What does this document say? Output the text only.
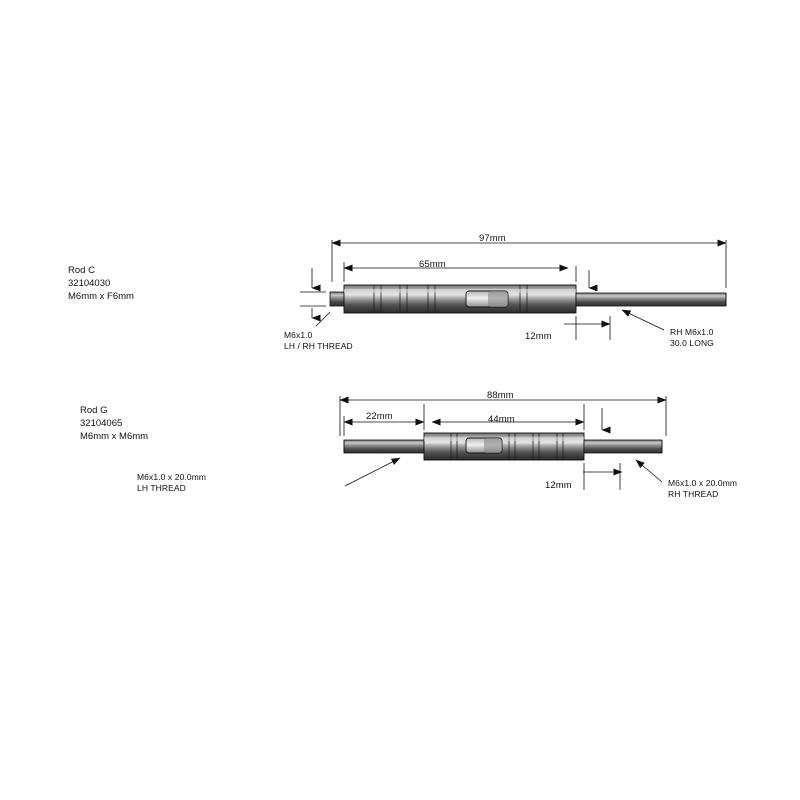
Rod C
32104030
M6mm x F6mm
97mm
65mm
12mm
M6x1.0
LH / RH THREAD
RH M6x1.0
30.0 LONG
Rod G
32104065
M6mm x M6mm
88mm
22mm	44mm
12mm
M6x1.0 x 20.0mm
LH THREAD	M6x1.0 x 20.0mm
RH THREAD
